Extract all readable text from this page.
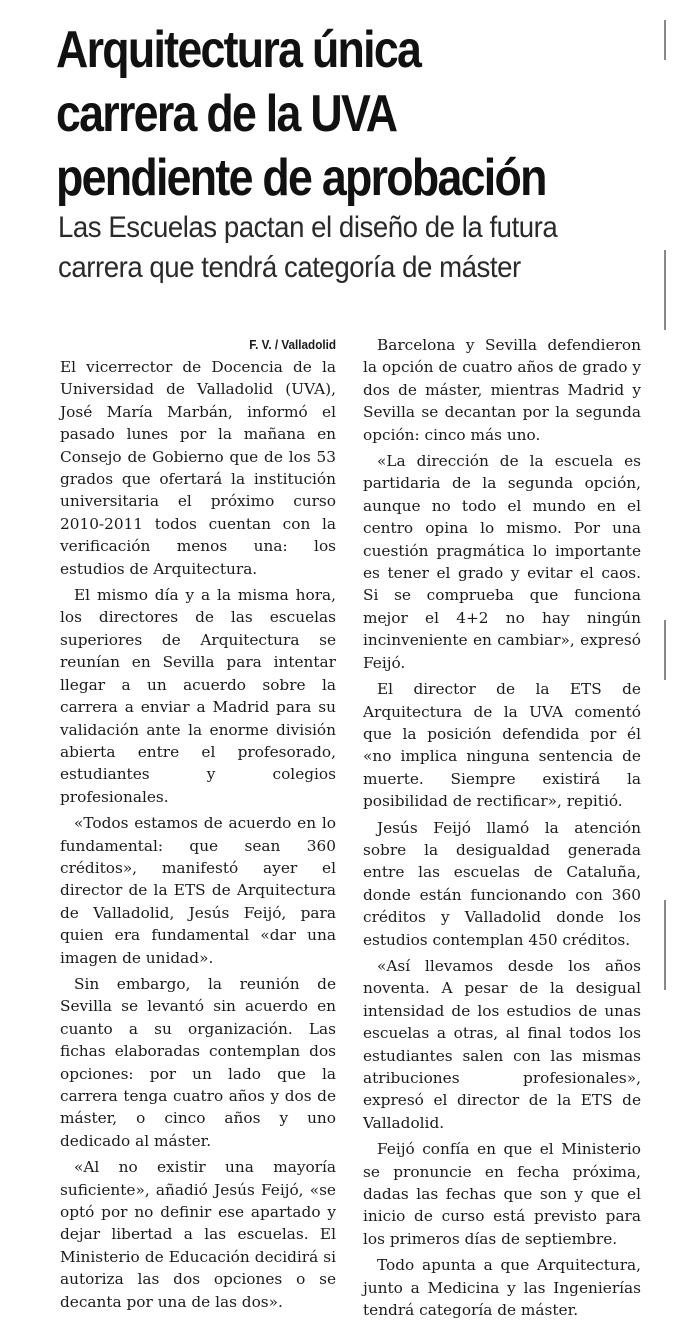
Arquitectura única
carrera de la UVA
pendiente de aprobación
Las Escuelas pactan el diseño de la futura
carrera que tendrá categoría de máster
F. V. / Valladolid

El vicerrector de Docencia de la Universidad de Valladolid (UVA), José María Marbán, informó el pasado lunes por la mañana en Consejo de Gobierno que de los 53 grados que ofertará la institución universitaria el próximo curso 2010-2011 todos cuentan con la verificación menos una: los estudios de Arquitectura.

El mismo día y a la misma hora, los directores de las escuelas superiores de Arquitectura se reunían en Sevilla para intentar llegar a un acuerdo sobre la carrera a enviar a Madrid para su validación ante la enorme división abierta entre el profesorado, estudiantes y colegios profesionales.

«Todos estamos de acuerdo en lo fundamental: que sean 360 créditos», manifestó ayer el director de la ETS de Arquitectura de Valladolid, Jesús Feijó, para quien era fundamental «dar una imagen de unidad».

Sin embargo, la reunión de Sevilla se levantó sin acuerdo en cuanto a su organización. Las fichas elaboradas contemplan dos opciones: por un lado que la carrera tenga cuatro años y dos de máster, o cinco años y uno dedicado al máster.

«Al no existir una mayoría suficiente», añadió Jesús Feijó, «se optó por no definir ese apartado y dejar libertad a las escuelas. El Ministerio de Educación decidirá si autoriza las dos opciones o se decanta por una de las dos».

Barcelona y Sevilla defendieron la opción de cuatro años de grado y dos de máster, mientras Madrid y Sevilla se decantan por la segunda opción: cinco más uno.

«La dirección de la escuela es partidaria de la segunda opción, aunque no todo el mundo en el centro opina lo mismo. Por una cuestión pragmática lo importante es tener el grado y evitar el caos. Si se comprueba que funciona mejor el 4+2 no hay ningún incinveniente en cambiar», expresó Feijó.

El director de la ETS de Arquitectura de la UVA comentó que la posición defendida por él «no implica ninguna sentencia de muerte. Siempre existirá la posibilidad de rectificar», repitió.

Jesús Feijó llamó la atención sobre la desigualdad generada entre las escuelas de Cataluña, donde están funcionando con 360 créditos y Valladolid donde los estudios contemplan 450 créditos.

«Así llevamos desde los años noventa. A pesar de la desigual intensidad de los estudios de unas escuelas a otras, al final todos los estudiantes salen con las mismas atribuciones profesionales», expresó el director de la ETS de Valladolid.

Feijó confía en que el Ministerio se pronuncie en fecha próxima, dadas las fechas que son y que el inicio de curso está previsto para los primeros días de septiembre.

Todo apunta a que Arquitectura, junto a Medicina y las Ingenierías tendrá categoría de máster.
